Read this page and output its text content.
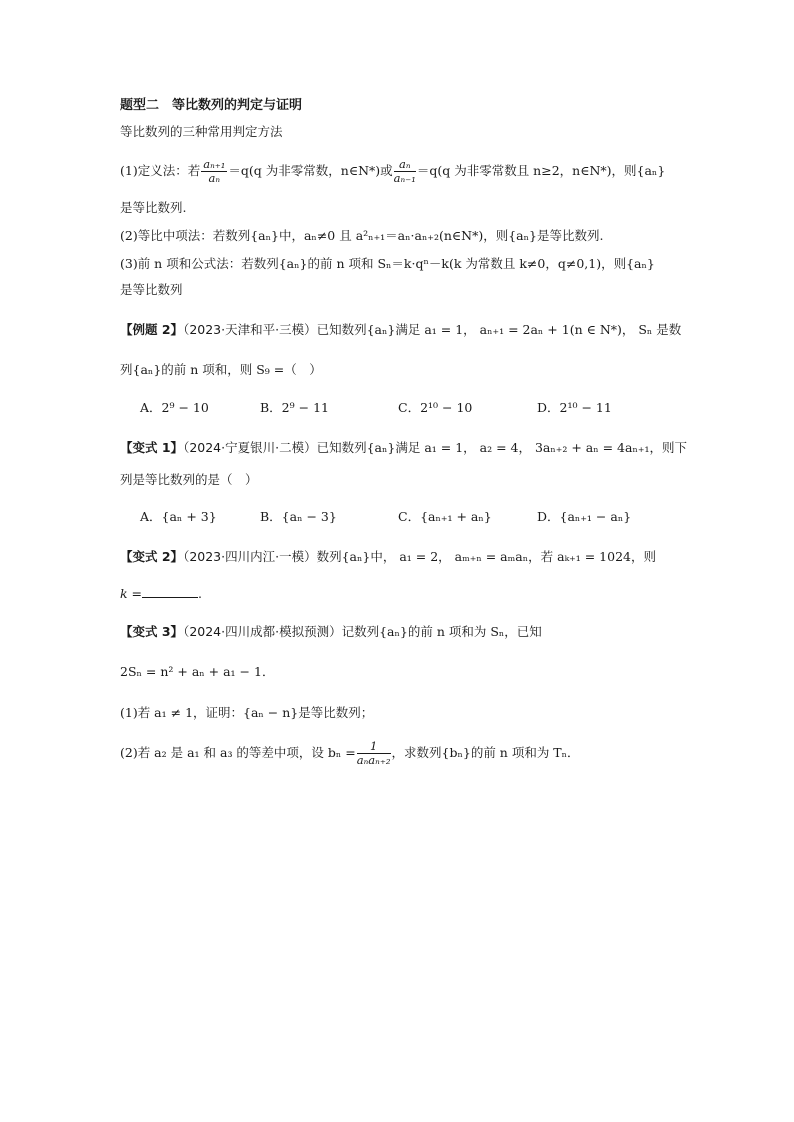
题型二　等比数列的判定与证明
等比数列的三种常用判定方法
(1)定义法：若 $\frac{\text{aₙ₊₁}}{\text{aₙ}} =q(q$ 为非零常数，n∈N*)或 $\frac{\text{aₙ}}{\text{aₙ₋₁}} =q(q$ 为非零常数且 n≥2，n∈N*)，则{aₙ}
是等比数列.
(2)等比中项法：若数列{aₙ}中，aₙ≠0 且 a²ₙ₊₁＝aₙ·aₙ₊₂(n∈N*)，则{aₙ}是等比数列.
(3)前 n 项和公式法：若数列{aₙ}的前 n 项和 Sₙ＝k·qⁿ－k(k 为常数且 k≠0，q≠0,1)，则{aₙ}
是等比数列
【例题 2】（2023·天津和平·三模）已知数列{aₙ}满足 a₁ = 1， aₙ₊₁ = 2aₙ + 1(n ∈ N*)， Sₙ 是数
列{aₙ}的前 n 项和，则 S₉ =（　）
A．2⁹ − 10	B．2⁹ − 11	C．2¹⁰ − 10	D．2¹⁰ − 11
【变式 1】（2024·宁夏银川·二模）已知数列{aₙ}满足 a₁ = 1， a₂ = 4， 3aₙ₊₂ + aₙ = 4aₙ₊₁，则下
列是等比数列的是（　）
A．{aₙ + 3}	B．{aₙ − 3}	C．{aₙ₊₁ + aₙ}	D．{aₙ₊₁ − aₙ}
【变式 2】（2023·四川内江·一模）数列{aₙ}中， a₁ = 2， aₘ₊ₙ = aₘaₙ，若 aₖ₊₁ = 1024，则
k =	.
【变式 3】（2024·四川成都·模拟预测）记数列{aₙ}的前 n 项和为 Sₙ，已知
2Sₙ = n² + aₙ + a₁ − 1．
(1)若 a₁ ≠ 1，证明：{aₙ − n}是等比数列；
(2)若 a₂ 是 a₁ 和 a₃ 的等差中项，设 $b_n = \frac{1}{\text{aₙaₙ₊₂}}$ ，求数列{bₙ}的前 n 项和为 Tₙ．
